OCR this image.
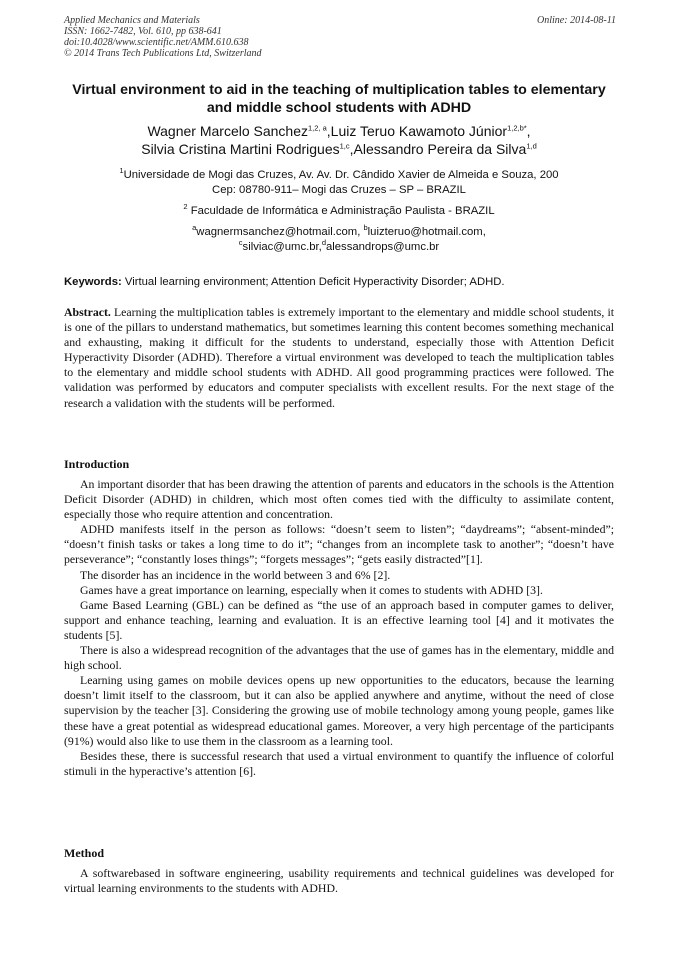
Applied Mechanics and Materials
ISSN: 1662-7482, Vol. 610, pp 638-641
doi:10.4028/www.scientific.net/AMM.610.638
© 2014 Trans Tech Publications Ltd, Switzerland
Online: 2014-08-11
Virtual environment to aid in the teaching of multiplication tables to elementary and middle school students with ADHD
Wagner Marcelo Sanchez$^{1,2, a}$,Luiz Teruo Kawamoto Júnior$^{1,2,b*}$,
Silvia Cristina Martini Rodrigues$^{1,c}$,Alessandro Pereira da Silva$^{1,d}$
$^1$Universidade de Mogi das Cruzes, Av. Av. Dr. Cândido Xavier de Almeida e Souza, 200
Cep: 08780-911– Mogi das Cruzes – SP – BRAZIL
$^2$ Faculdade de Informática e Administração Paulista - BRAZIL
$^a$wagnermsanchez@hotmail.com, $^b$luizteruo@hotmail.com,
$^c$silviac@umc.br,$^d$alessandrops@umc.br
Keywords: Virtual learning environment; Attention Deficit Hyperactivity Disorder; ADHD.
Abstract. Learning the multiplication tables is extremely important to the elementary and middle school students, it is one of the pillars to understand mathematics, but sometimes learning this content becomes something mechanical and exhausting, making it difficult for the students to understand, especially those with Attention Deficit Hyperactivity Disorder (ADHD). Therefore a virtual environment was developed to teach the multiplication tables to the elementary and middle school students with ADHD. All good programming practices were followed. The validation was performed by educators and computer specialists with excellent results. For the next stage of the research a validation with the students will be performed.
Introduction

An important disorder that has been drawing the attention of parents and educators in the schools is the Attention Deficit Disorder (ADHD) in children, which most often comes tied with the difficulty to assimilate content, especially those who require attention and concentration.

ADHD manifests itself in the person as follows: “doesn’t seem to listen”; “daydreams”; “absent-minded”; “doesn’t finish tasks or takes a long time to do it”; “changes from an incomplete task to another”; “doesn’t have perseverance”; “constantly loses things”; “forgets messages”; “gets easily distracted”[1].

The disorder has an incidence in the world between 3 and 6% [2].

Games have a great importance on learning, especially when it comes to students with ADHD [3].

Game Based Learning (GBL) can be defined as “the use of an approach based in computer games to deliver, support and enhance teaching, learning and evaluation. It is an effective learning tool [4] and it motivates the students [5].

There is also a widespread recognition of the advantages that the use of games has in the elementary, middle and high school.

Learning using games on mobile devices opens up new opportunities to the educators, because the learning doesn’t limit itself to the classroom, but it can also be applied anywhere and anytime, without the need of close supervision by the teacher [3]. Considering the growing use of mobile technology among young people, games like these have a great potential as widespread educational games. Moreover, a very high percentage of the participants (91%) would also like to use them in the classroom as a learning tool.

Besides these, there is successful research that used a virtual environment to quantify the influence of colorful stimuli in the hyperactive’s attention [6].

Method

A softwarebased in software engineering, usability requirements and technical guidelines was developed for virtual learning environments to the students with ADHD.
